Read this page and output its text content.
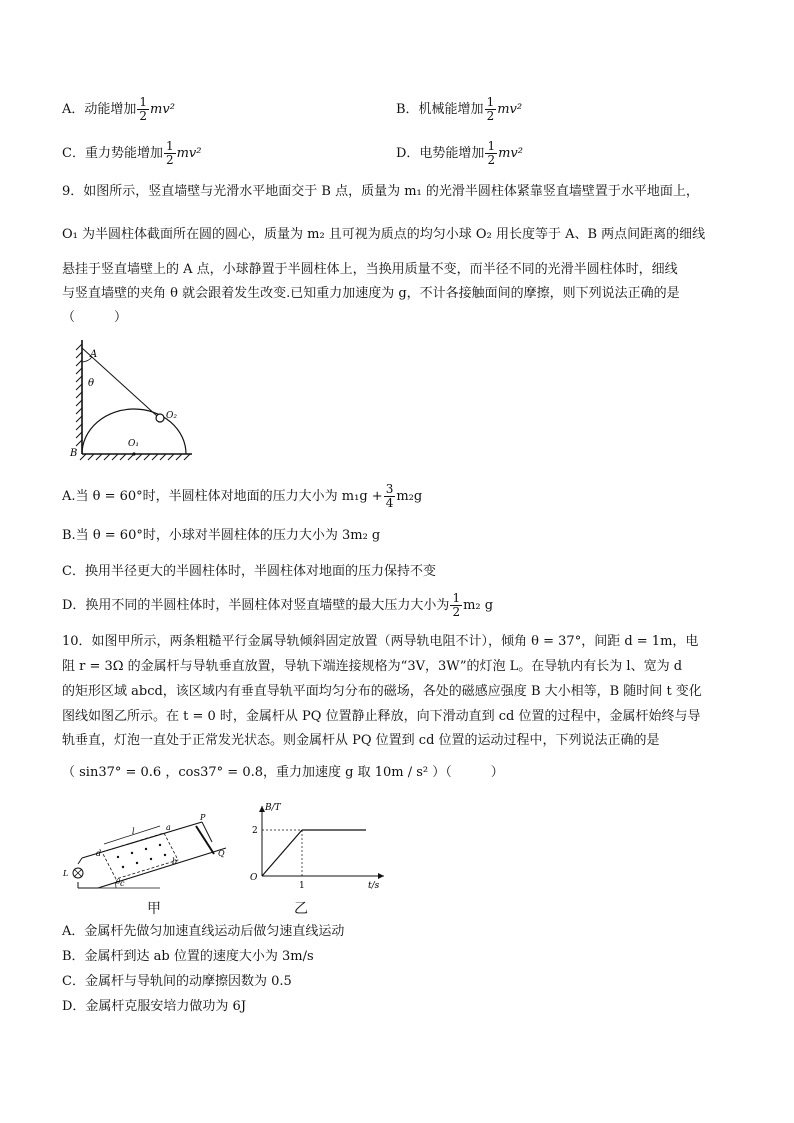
A．动能增加 $\frac{1}{2} mv^2$	B．机械能增加 $\frac{1}{2} mv^2$
C．重力势能增加 $\frac{1}{2} mv^2$	D．电势能增加 $\frac{1}{2} mv^2$
9．如图所示，竖直墙壁与光滑水平地面交于 B 点，质量为 m₁ 的光滑半圆柱体紧靠竖直墙壁置于水平地面上，
O₁ 为半圆柱体截面所在圆的圆心，质量为 m₂ 且可视为质点的均匀小球 O₂ 用长度等于 A、B 两点间距离的细线
悬挂于竖直墙壁上的 A 点，小球静置于半圆柱体上，当换用质量不变，而半径不同的光滑半圆柱体时，细线
与竖直墙壁的夹角 θ 就会跟着发生改变.已知重力加速度为 g，不计各接触面间的摩擦，则下列说法正确的是
（　　　）
A
θ
B
O₁
O₂
A.当 θ = 60°时，半圆柱体对地面的压力大小为 $m_1g + \frac{3}{4} m_2g$
B.当 θ = 60°时，小球对半圆柱体的压力大小为 3m₂ g
C．换用半径更大的半圆柱体时，半圆柱体对地面的压力保持不变
D．换用不同的半圆柱体时，半圆柱体对竖直墙壁的最大压力大小为 $\frac{1}{2} m_2$ g
10．如图甲所示，两条粗糙平行金属导轨倾斜固定放置（两导轨电阻不计），倾角 θ = 37°，间距 d = 1m，电
阻 r = 3Ω 的金属杆与导轨垂直放置，导轨下端连接规格为“3V，3W”的灯泡 L。在导轨内有长为 l、宽为 d
的矩形区域 abcd，该区域内有垂直导轨平面均匀分布的磁场，各处的磁感应强度 B 大小相等，B 随时间 t 变化
图线如图乙所示。在 t = 0 时，金属杆从 PQ 位置静止释放，向下滑动直到 cd 位置的过程中，金属杆始终与导
轨垂直，灯泡一直处于正常发光状态。则金属杆从 PQ 位置到 cd 位置的运动过程中，下列说法正确的是
（ sin37° = 0.6 ，cos37° = 0.8，重力加速度 g 取 10m / s² ）（　　　）
l
d
a
b
c
P
Q
L
θ	1
2
O
t/s
B/T
甲	乙
A．金属杆先做匀加速直线运动后做匀速直线运动
B．金属杆到达 ab 位置的速度大小为 3m/s
C．金属杆与导轨间的动摩擦因数为 0.5
D．金属杆克服安培力做功为 6J
